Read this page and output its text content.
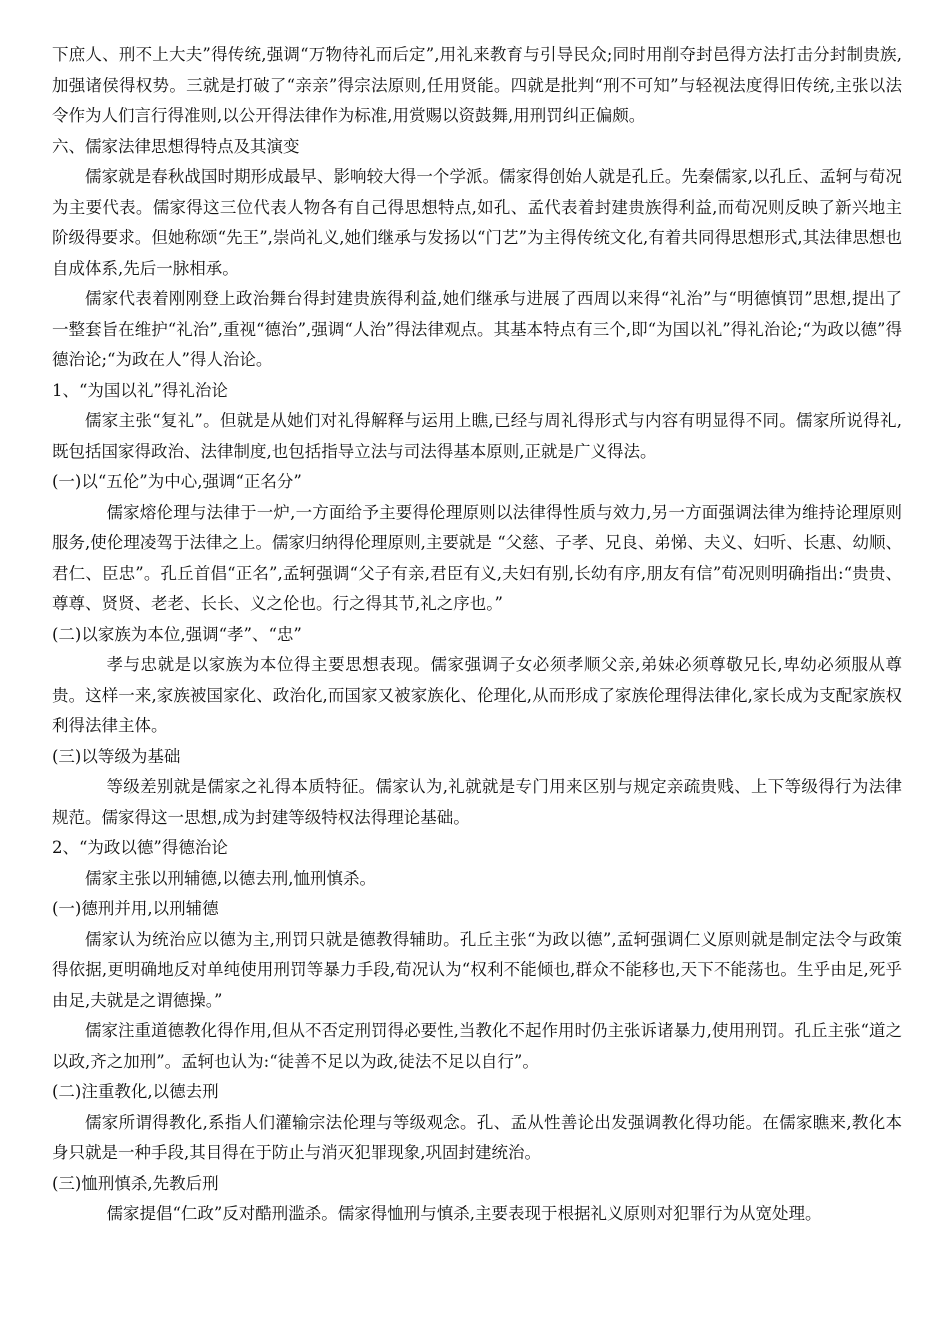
下庶人、刑不上大夫”得传统,强调“万物待礼而后定”,用礼来教育与引导民众;同时用削夺封邑得方法打击分封制贵族,加强诸侯得权势。三就是打破了“亲亲”得宗法原则,任用贤能。四就是批判“刑不可知”与轻视法度得旧传统,主张以法令作为人们言行得准则,以公开得法律作为标准,用赏赐以资鼓舞,用刑罚纠正偏颇。

六、儒家法律思想得特点及其演变

儒家就是春秋战国时期形成最早、影响较大得一个学派。儒家得创始人就是孔丘。先秦儒家,以孔丘、孟轲与荀况为主要代表。儒家得这三位代表人物各有自己得思想特点,如孔、孟代表着封建贵族得利益,而荀况则反映了新兴地主阶级得要求。但她称颂“先王”,崇尚礼义,她们继承与发扬以“门艺”为主得传统文化,有着共同得思想形式,其法律思想也自成体系,先后一脉相承。

儒家代表着刚刚登上政治舞台得封建贵族得利益,她们继承与进展了西周以来得“礼治”与“明德慎罚”思想,提出了一整套旨在维护“礼治”,重视“德治”,强调“人治”得法律观点。其基本特点有三个,即“为国以礼”得礼治论;“为政以德”得德治论;“为政在人”得人治论。

1、“为国以礼”得礼治论

儒家主张“复礼”。但就是从她们对礼得解释与运用上瞧,已经与周礼得形式与内容有明显得不同。儒家所说得礼,既包括国家得政治、法律制度,也包括指导立法与司法得基本原则,正就是广义得法。

(一)以“五伦”为中心,强调“正名分”

儒家熔伦理与法律于一炉,一方面给予主要得伦理原则以法律得性质与效力,另一方面强调法律为维持论理原则服务,使伦理凌驾于法律之上。儒家归纳得伦理原则,主要就是 “父慈、子孝、兄良、弟悌、夫义、妇听、长惠、幼顺、君仁、臣忠”。孔丘首倡“正名”,孟轲强调“父子有亲,君臣有义,夫妇有别,长幼有序,朋友有信”荀况则明确指出:“贵贵、尊尊、贤贤、老老、长长、义之伦也。行之得其节,礼之序也。”

(二)以家族为本位,强调“孝”、“忠”

孝与忠就是以家族为本位得主要思想表现。儒家强调子女必须孝顺父亲,弟妹必须尊敬兄长,卑幼必须服从尊贵。这样一来,家族被国家化、政治化,而国家又被家族化、伦理化,从而形成了家族伦理得法律化,家长成为支配家族权利得法律主体。

(三)以等级为基础

等级差别就是儒家之礼得本质特征。儒家认为,礼就就是专门用来区别与规定亲疏贵贱、上下等级得行为法律规范。儒家得这一思想,成为封建等级特权法得理论基础。

2、“为政以德”得德治论

儒家主张以刑辅德,以德去刑,恤刑慎杀。

(一)德刑并用,以刑辅德

儒家认为统治应以德为主,刑罚只就是德教得辅助。孔丘主张“为政以德”,孟轲强调仁义原则就是制定法令与政策得依据,更明确地反对单纯使用刑罚等暴力手段,荀况认为“权利不能倾也,群众不能移也,天下不能荡也。生乎由足,死乎由足,夫就是之谓德操。”

儒家注重道德教化得作用,但从不否定刑罚得必要性,当教化不起作用时仍主张诉诸暴力,使用刑罚。孔丘主张“道之以政,齐之加刑”。孟轲也认为:“徒善不足以为政,徒法不足以自行”。

(二)注重教化,以德去刑

儒家所谓得教化,系指人们灌输宗法伦理与等级观念。孔、孟从性善论出发强调教化得功能。在儒家瞧来,教化本身只就是一种手段,其目得在于防止与消灭犯罪现象,巩固封建统治。

(三)恤刑慎杀,先教后刑

儒家提倡“仁政”反对酷刑滥杀。儒家得恤刑与慎杀,主要表现于根据礼义原则对犯罪行为从宽处理。
